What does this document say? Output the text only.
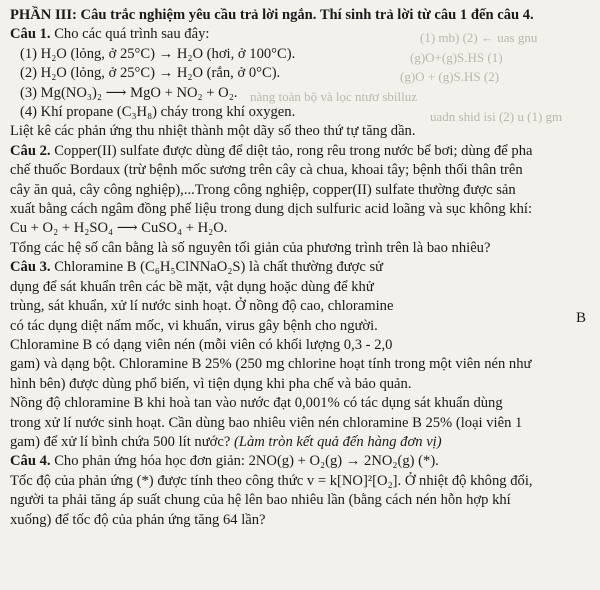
(1) mb) (2) ← uas gnu
(g)O+(g)S.HS (1)
(g)O + (g)S.HS (2)
nàng toàn bộ và lọc ntươ sbilluz
uadn shid isi (2) u (1) gm
PHẦN III: Câu trắc nghiệm yêu cầu trả lời ngắn. Thí sinh trả lời từ câu 1 đến câu 4.
Câu 1. Cho các quá trình sau đây:
(1) H₂O (lỏng, ở 25°C) → H₂O (hơi, ở 100°C).
(2) H₂O (lỏng, ở 25°C) → H₂O (rắn, ở 0°C).
(3) Mg(NO₃)₂ ⟶ MgO + NO₂ + O₂.
(4) Khí propane (C₃H₈) cháy trong khí oxygen.
Liệt kê các phản ứng thu nhiệt thành một dãy số theo thứ tự tăng dần.
Câu 2. Copper(II) sulfate được dùng để diệt tảo, rong rêu trong nước bể bơi; dùng để pha
chế thuốc Bordaux (trừ bệnh mốc sương trên cây cà chua, khoai tây; bệnh thối thân trên
cây ăn quả, cây công nghiệp),...Trong công nghiệp, copper(II) sulfate thường được sản
xuất bằng cách ngâm đồng phế liệu trong dung dịch sulfuric acid loãng và sục không khí:
Cu + O₂ + H₂SO₄ ⟶ CuSO₄ + H₂O.
Tổng các hệ số cân bằng là số nguyên tối giản của phương trình trên là bao nhiêu?
Câu 3. Chloramine B (C₆H₅ClNNaO₂S) là chất thường được sử
dụng để sát khuẩn trên các bề mặt, vật dụng hoặc dùng để khử
trùng, sát khuẩn, xử lí nước sinh hoạt. Ở nồng độ cao, chloramine
có tác dụng diệt nấm mốc, vi khuẩn, virus gây bệnh cho người.
Chloramine B có dạng viên nén (mỗi viên có khối lượng 0,3 - 2,0
gam) và dạng bột. Chloramine B 25% (250 mg chlorine hoạt tính trong một viên nén như
hình bên) được dùng phổ biến, vì tiện dụng khi pha chế và bảo quản.
Nồng độ chloramine B khi hoà tan vào nước đạt 0,001% có tác dụng sát khuẩn dùng
trong xử lí nước sinh hoạt. Cần dùng bao nhiêu viên nén chloramine B 25% (loại viên 1
gam) để xử lí bình chứa 500 lít nước? (Làm tròn kết quả đến hàng đơn vị)
Câu 4. Cho phản ứng hóa học đơn giản: 2NO(g) + O₂(g) → 2NO₂(g) (*).
Tốc độ của phản ứng (*) được tính theo công thức v = k[NO]²[O₂]. Ở nhiệt độ không đổi,
người ta phải tăng áp suất chung của hệ lên bao nhiêu lần (bằng cách nén hỗn hợp khí
xuống) để tốc độ của phản ứng tăng 64 lần?
B
